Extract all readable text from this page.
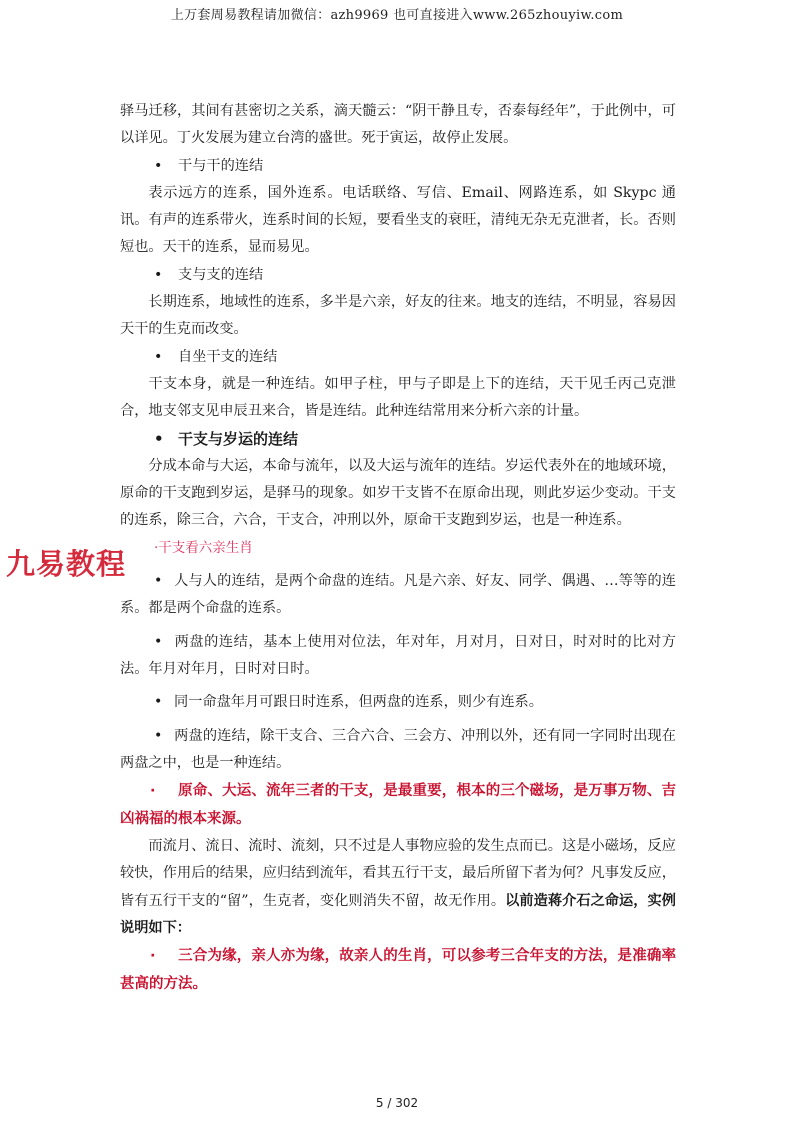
上万套周易教程请加微信：azh9969 也可直接进入www.265zhouyiw.com
九易教程

驿马迁移，其间有甚密切之关系，滴天髓云：“阴干静且专，否泰每经年”，于此例中，可以详见。丁火发展为建立台湾的盛世。死于寅运，故停止发展。

• 干与干的连结

表示远方的连系，国外连系。电话联络、写信、Email、网路连系，如 Skypc 通讯。有声的连系带火，连系时间的长短，要看坐支的衰旺，清纯无杂无克泄者，长。否则短也。天干的连系，显而易见。

• 支与支的连结

长期连系，地域性的连系，多半是六亲，好友的往来。地支的连结，不明显，容易因天干的生克而改变。

• 自坐干支的连结

干支本身，就是一种连结。如甲子柱，甲与子即是上下的连结，天干见壬丙己克泄合，地支邻支见申辰丑来合，皆是连结。此种连结常用来分析六亲的计量。

• 干支与岁运的连结

分成本命与大运，本命与流年，以及大运与流年的连结。岁运代表外在的地域环境，原命的干支跑到岁运，是驿马的现象。如岁干支皆不在原命出现，则此岁运少变动。干支的连系，除三合，六合，干支合，冲刑以外，原命干支跑到岁运，也是一种连系。

·干支看六亲生肖

• 人与人的连结，是两个命盘的连结。凡是六亲、好友、同学、偶遇、…等等的连系。都是两个命盘的连系。

• 两盘的连结，基本上使用对位法，年对年，月对月，日对日，时对时的比对方法。年月对年月，日时对日时。

• 同一命盘年月可跟日时连系，但两盘的连系，则少有连系。

• 两盘的连结，除干支合、三合六合、三会方、冲刑以外，还有同一字同时出现在两盘之中，也是一种连结。

· 原命、大运、流年三者的干支，是最重要，根本的三个磁场，是万事万物、吉凶祸福的根本来源。

而流月、流日、流时、流刻，只不过是人事物应验的发生点而已。这是小磁场，反应较快，作用后的结果，应归结到流年，看其五行干支，最后所留下者为何？凡事发反应，皆有五行干支的“留”，生克者，变化则消失不留，故无作用。以前造蒋介石之命运，实例说明如下：

· 三合为缘，亲人亦为缘，故亲人的生肖，可以参考三合年支的方法，是准确率甚高的方法。

5 / 302
